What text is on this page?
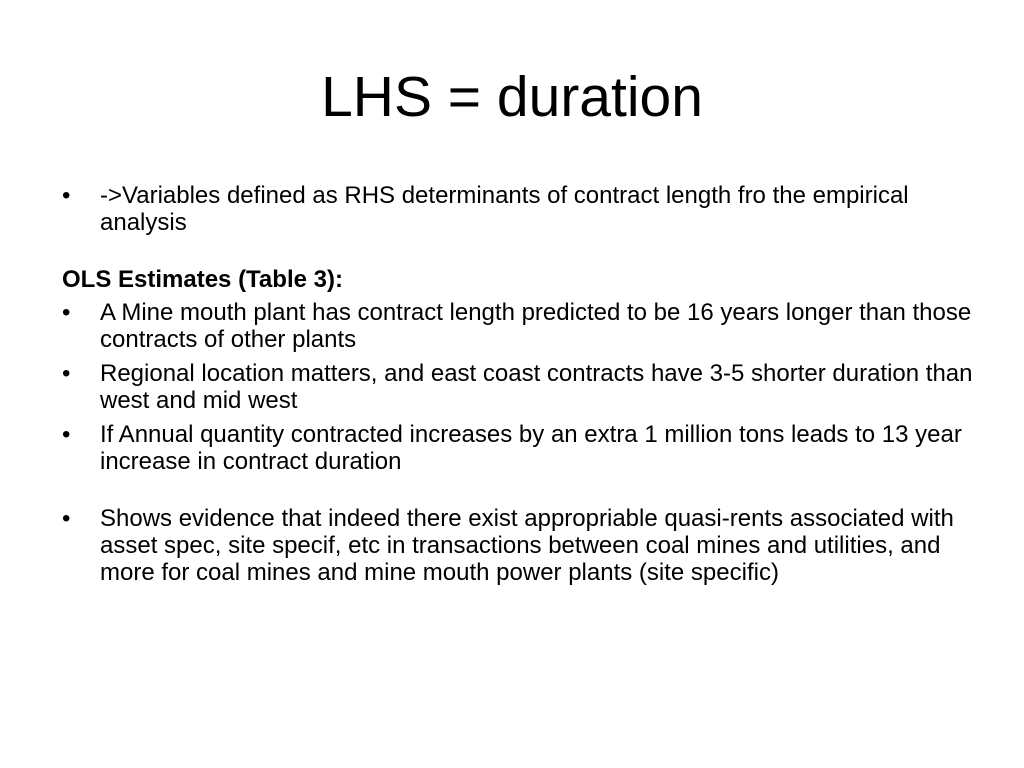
LHS = duration
• ->Variables defined as RHS determinants of contract length fro the empirical analysis
OLS Estimates (Table 3):
• A Mine mouth plant has contract length predicted to be 16 years longer than those contracts of other plants
• Regional location matters, and east coast contracts have 3-5 shorter duration than west and mid west
• If Annual quantity contracted increases by an extra 1 million tons leads to 13 year increase in contract duration
• Shows evidence that indeed there exist appropriable quasi-rents associated with asset spec, site specif, etc in transactions between coal mines and utilities, and more for coal mines and mine mouth power plants (site specific)
